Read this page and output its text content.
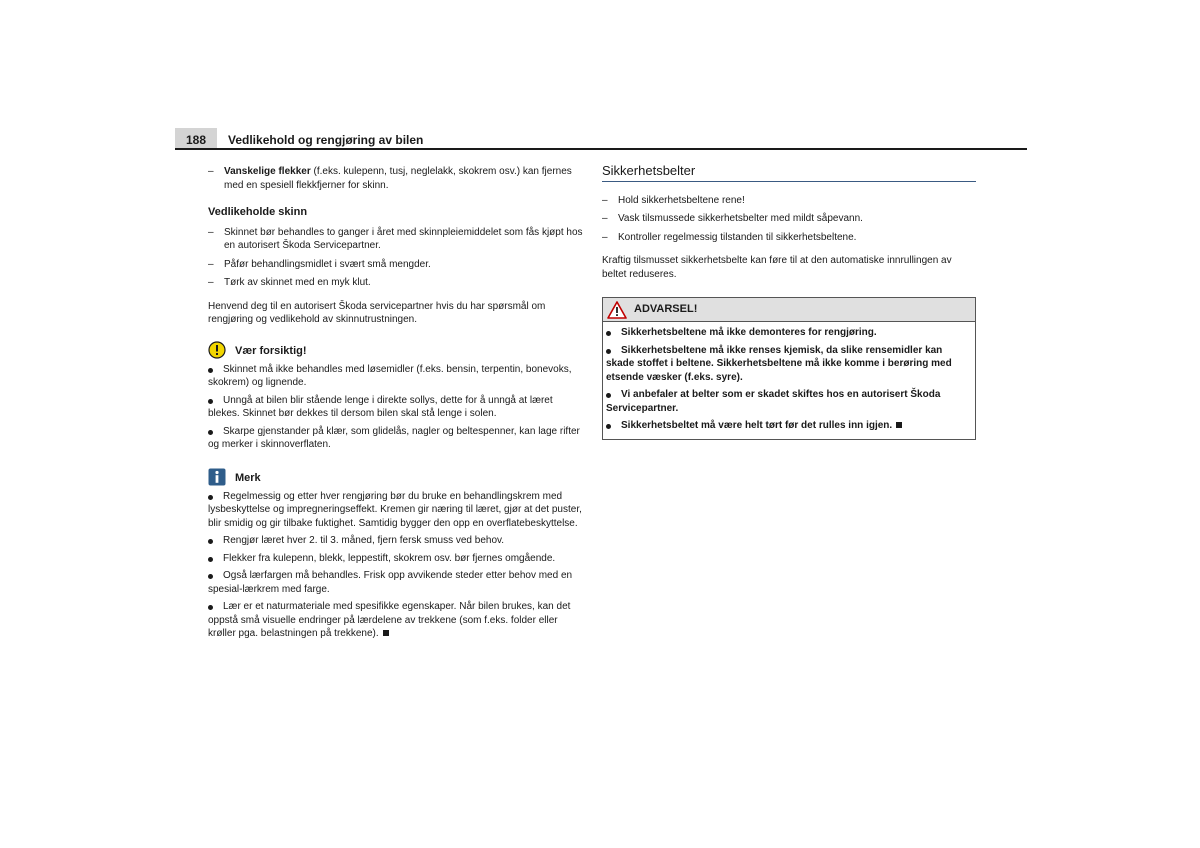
188	Vedlikehold og rengjøring av bilen
– Vanskelige flekker (f.eks. kulepenn, tusj, neglelakk, skokrem osv.) kan fjernes med en spesiell flekkfjerner for skinn.
Vedlikeholde skinn
– Skinnet bør behandles to ganger i året med skinnpleiemiddelet som fås kjøpt hos en autorisert Škoda Servicepartner.
– Påfør behandlingsmidlet i svært små mengder.
– Tørk av skinnet med en myk klut.
Henvend deg til en autorisert Škoda servicepartner hvis du har spørsmål om rengjøring og vedlikehold av skinnutrustningen.
Vær forsiktig!
Skinnet må ikke behandles med løsemidler (f.eks. bensin, terpentin, bonevoks, skokrem) og lignende.
Unngå at bilen blir stående lenge i direkte sollys, dette for å unngå at læret blekes. Skinnet bør dekkes til dersom bilen skal stå lenge i solen.
Skarpe gjenstander på klær, som glidelås, nagler og beltespenner, kan lage rifter og merker i skinnoverflaten.
Merk
Regelmessig og etter hver rengjøring bør du bruke en behandlingskrem med lysbeskyttelse og impregneringseffekt. Kremen gir næring til læret, gjør at det puster, blir smidig og gir tilbake fuktighet. Samtidig bygger den opp en overflatebeskyttelse.
Rengjør læret hver 2. til 3. måned, fjern fersk smuss ved behov.
Flekker fra kulepenn, blekk, leppestift, skokrem osv. bør fjernes omgående.
Også lærfargen må behandles. Frisk opp avvikende steder etter behov med en spesial-lærkrem med farge.
Lær er et naturmateriale med spesifikke egenskaper. Når bilen brukes, kan det oppstå små visuelle endringer på lærdelene av trekkene (som f.eks. folder eller krøller pga. belastningen på trekkene).
Sikkerhetsbelter
– Hold sikkerhetsbeltene rene!
– Vask tilsmussede sikkerhetsbelter med mildt såpevann.
– Kontroller regelmessig tilstanden til sikkerhetsbeltene.
Kraftig tilsmusset sikkerhetsbelte kan føre til at den automatiske innrullingen av beltet reduseres.
ADVARSEL!
Sikkerhetsbeltene må ikke demonteres for rengjøring.
Sikkerhetsbeltene må ikke renses kjemisk, da slike rensemidler kan skade stoffet i beltene. Sikkerhetsbeltene må ikke komme i berøring med etsende væsker (f.eks. syre).
Vi anbefaler at belter som er skadet skiftes hos en autorisert Škoda Servicepartner.
Sikkerhetsbeltet må være helt tørt før det rulles inn igjen.
